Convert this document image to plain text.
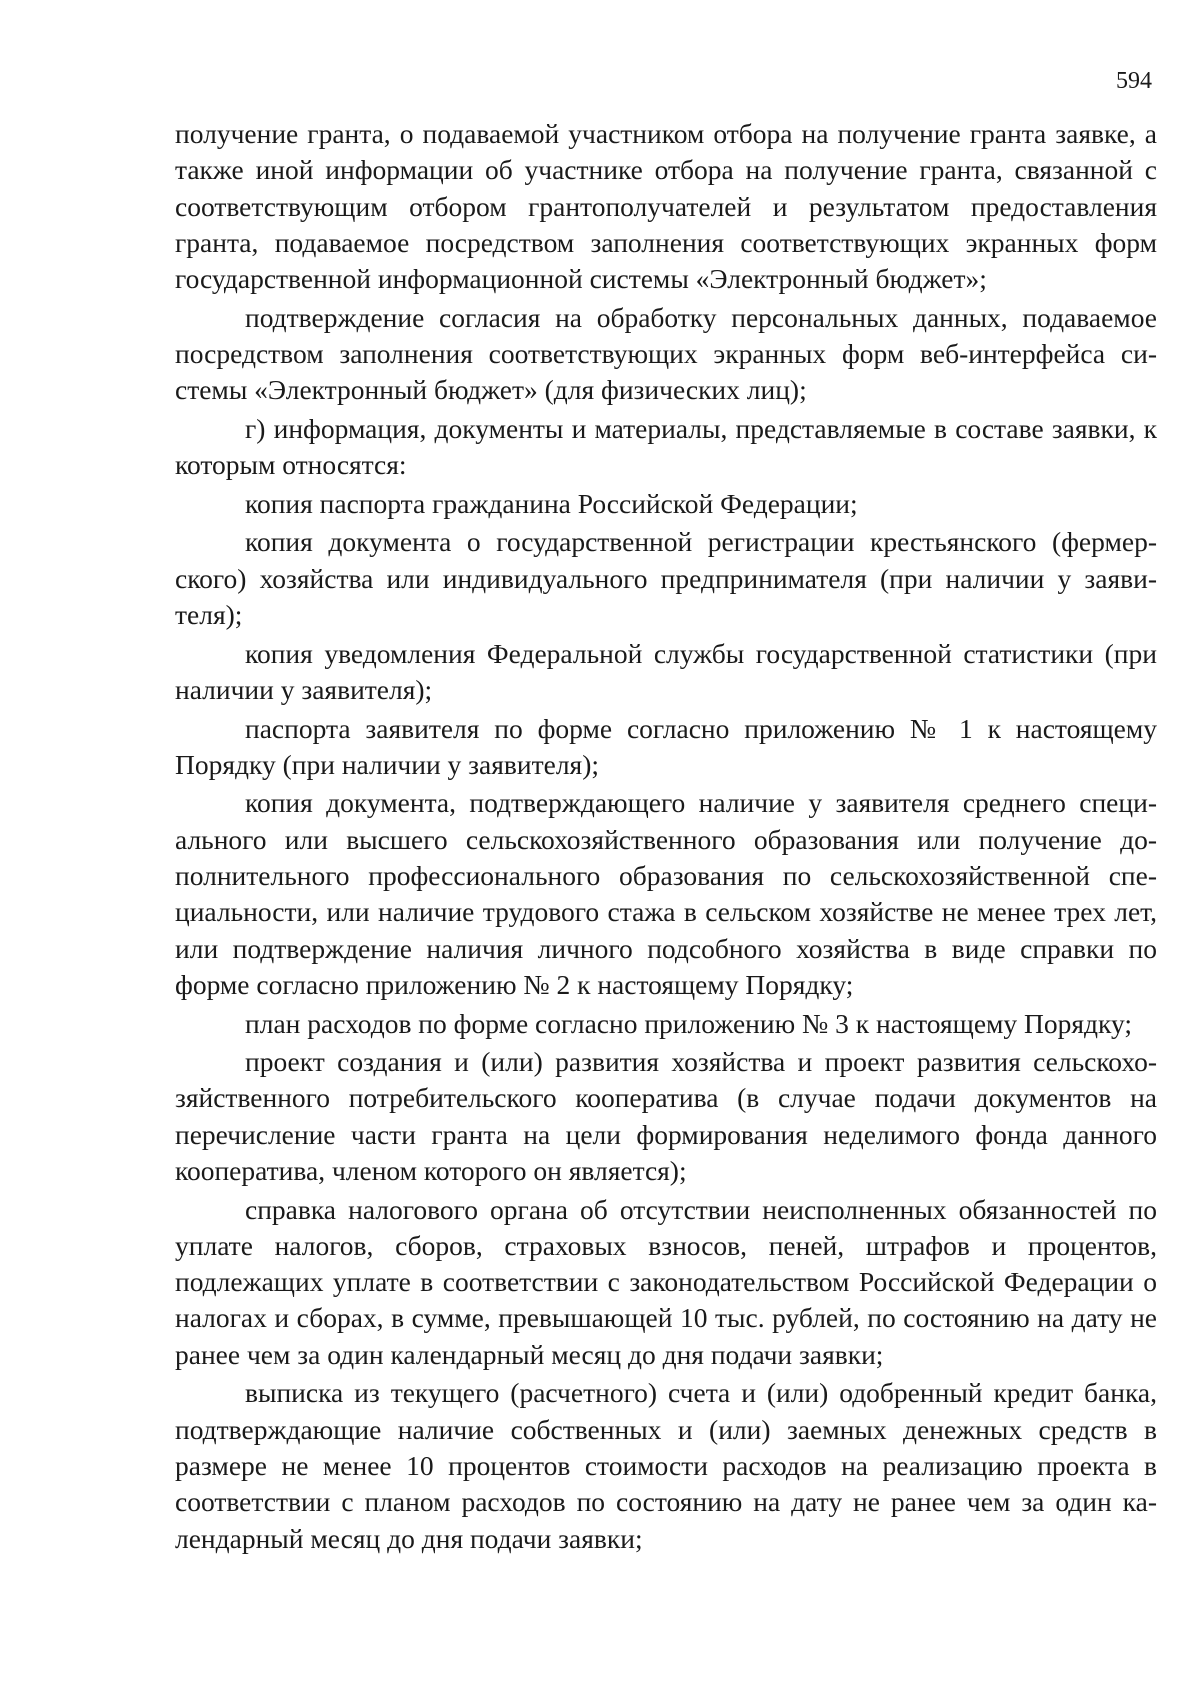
594

получение гранта, о подаваемой участником отбора на получение гранта заявке, а также иной информации об участнике отбора на получение гранта, связанной с соответствующим отбором грантополучателей и результатом предоставления гранта, подаваемое посредством заполнения соответствующих экранных форм государственной информационной системы «Электронный бюджет»;

подтверждение согласия на обработку персональных данных, подаваемое посредством заполнения соответствующих экранных форм веб-интерфейса системы «Электронный бюджет» (для физических лиц);

г) информация, документы и материалы, представляемые в составе заявки, к которым относятся:

копия паспорта гражданина Российской Федерации;

копия документа о государственной регистрации крестьянского (фермерского) хозяйства или индивидуального предпринимателя (при наличии у заявителя);

копия уведомления Федеральной службы государственной статистики (при наличии у заявителя);

паспорта заявителя по форме согласно приложению № 1 к настоящему Порядку (при наличии у заявителя);

копия документа, подтверждающего наличие у заявителя среднего специального или высшего сельскохозяйственного образования или получение дополнительного профессионального образования по сельскохозяйственной специальности, или наличие трудового стажа в сельском хозяйстве не менее трех лет, или подтверждение наличия личного подсобного хозяйства в виде справки по форме согласно приложению № 2 к настоящему Порядку;

план расходов по форме согласно приложению № 3 к настоящему Порядку;

проект создания и (или) развития хозяйства и проект развития сельскохозяйственного потребительского кооператива (в случае подачи документов на перечисление части гранта на цели формирования неделимого фонда данного кооператива, членом которого он является);

справка налогового органа об отсутствии неисполненных обязанностей по уплате налогов, сборов, страховых взносов, пеней, штрафов и процентов, подлежащих уплате в соответствии с законодательством Российской Федерации о налогах и сборах, в сумме, превышающей 10 тыс. рублей, по состоянию на дату не ранее чем за один календарный месяц до дня подачи заявки;

выписка из текущего (расчетного) счета и (или) одобренный кредит банка, подтверждающие наличие собственных и (или) заемных денежных средств в размере не менее 10 процентов стоимости расходов на реализацию проекта в соответствии с планом расходов по состоянию на дату не ранее чем за один календарный месяц до дня подачи заявки;
